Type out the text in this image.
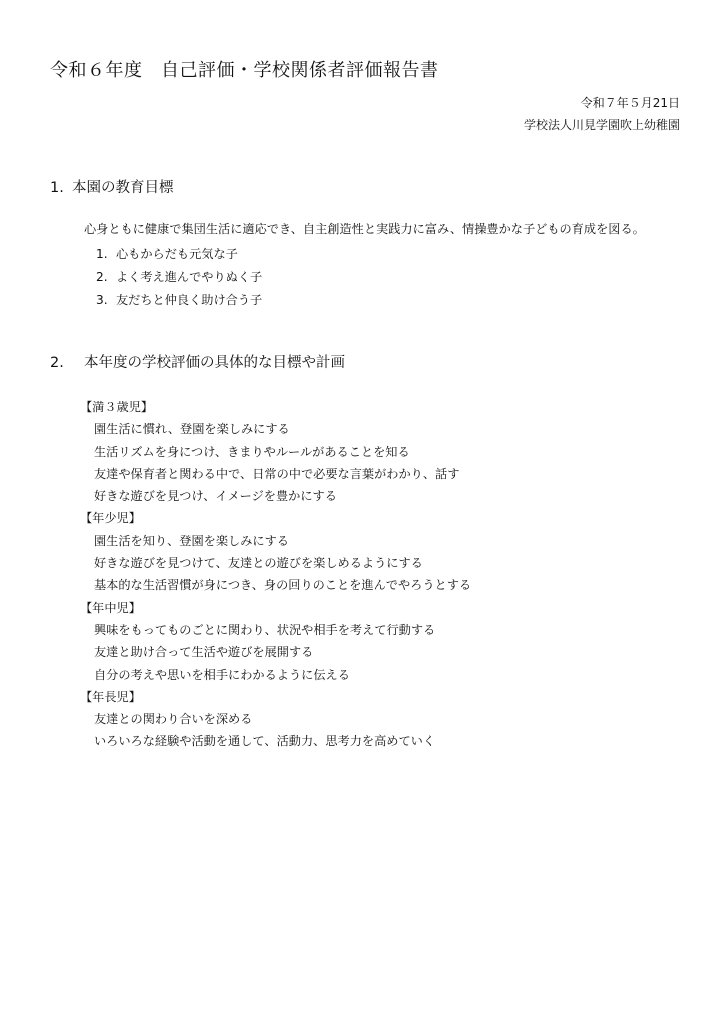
令和６年度　自己評価・学校関係者評価報告書
令和７年５月21日
学校法人川見学園吹上幼稚園
1. 本園の教育目標
心身ともに健康で集団生活に適応でき、自主創造性と実践力に富み、情操豊かな子どもの育成を図る。
1. 心もからだも元気な子
2. よく考え進んでやりぬく子
3. 友だちと仲良く助け合う子
2. 本年度の学校評価の具体的な目標や計画
【満３歳児】
園生活に慣れ、登園を楽しみにする
生活リズムを身につけ、きまりやルールがあることを知る
友達や保育者と関わる中で、日常の中で必要な言葉がわかり、話す
好きな遊びを見つけ、イメージを豊かにする
【年少児】
園生活を知り、登園を楽しみにする
好きな遊びを見つけて、友達との遊びを楽しめるようにする
基本的な生活習慣が身につき、身の回りのことを進んでやろうとする
【年中児】
興味をもってものごとに関わり、状況や相手を考えて行動する
友達と助け合って生活や遊びを展開する
自分の考えや思いを相手にわかるように伝える
【年長児】
友達との関わり合いを深める
いろいろな経験や活動を通して、活動力、思考力を高めていく
